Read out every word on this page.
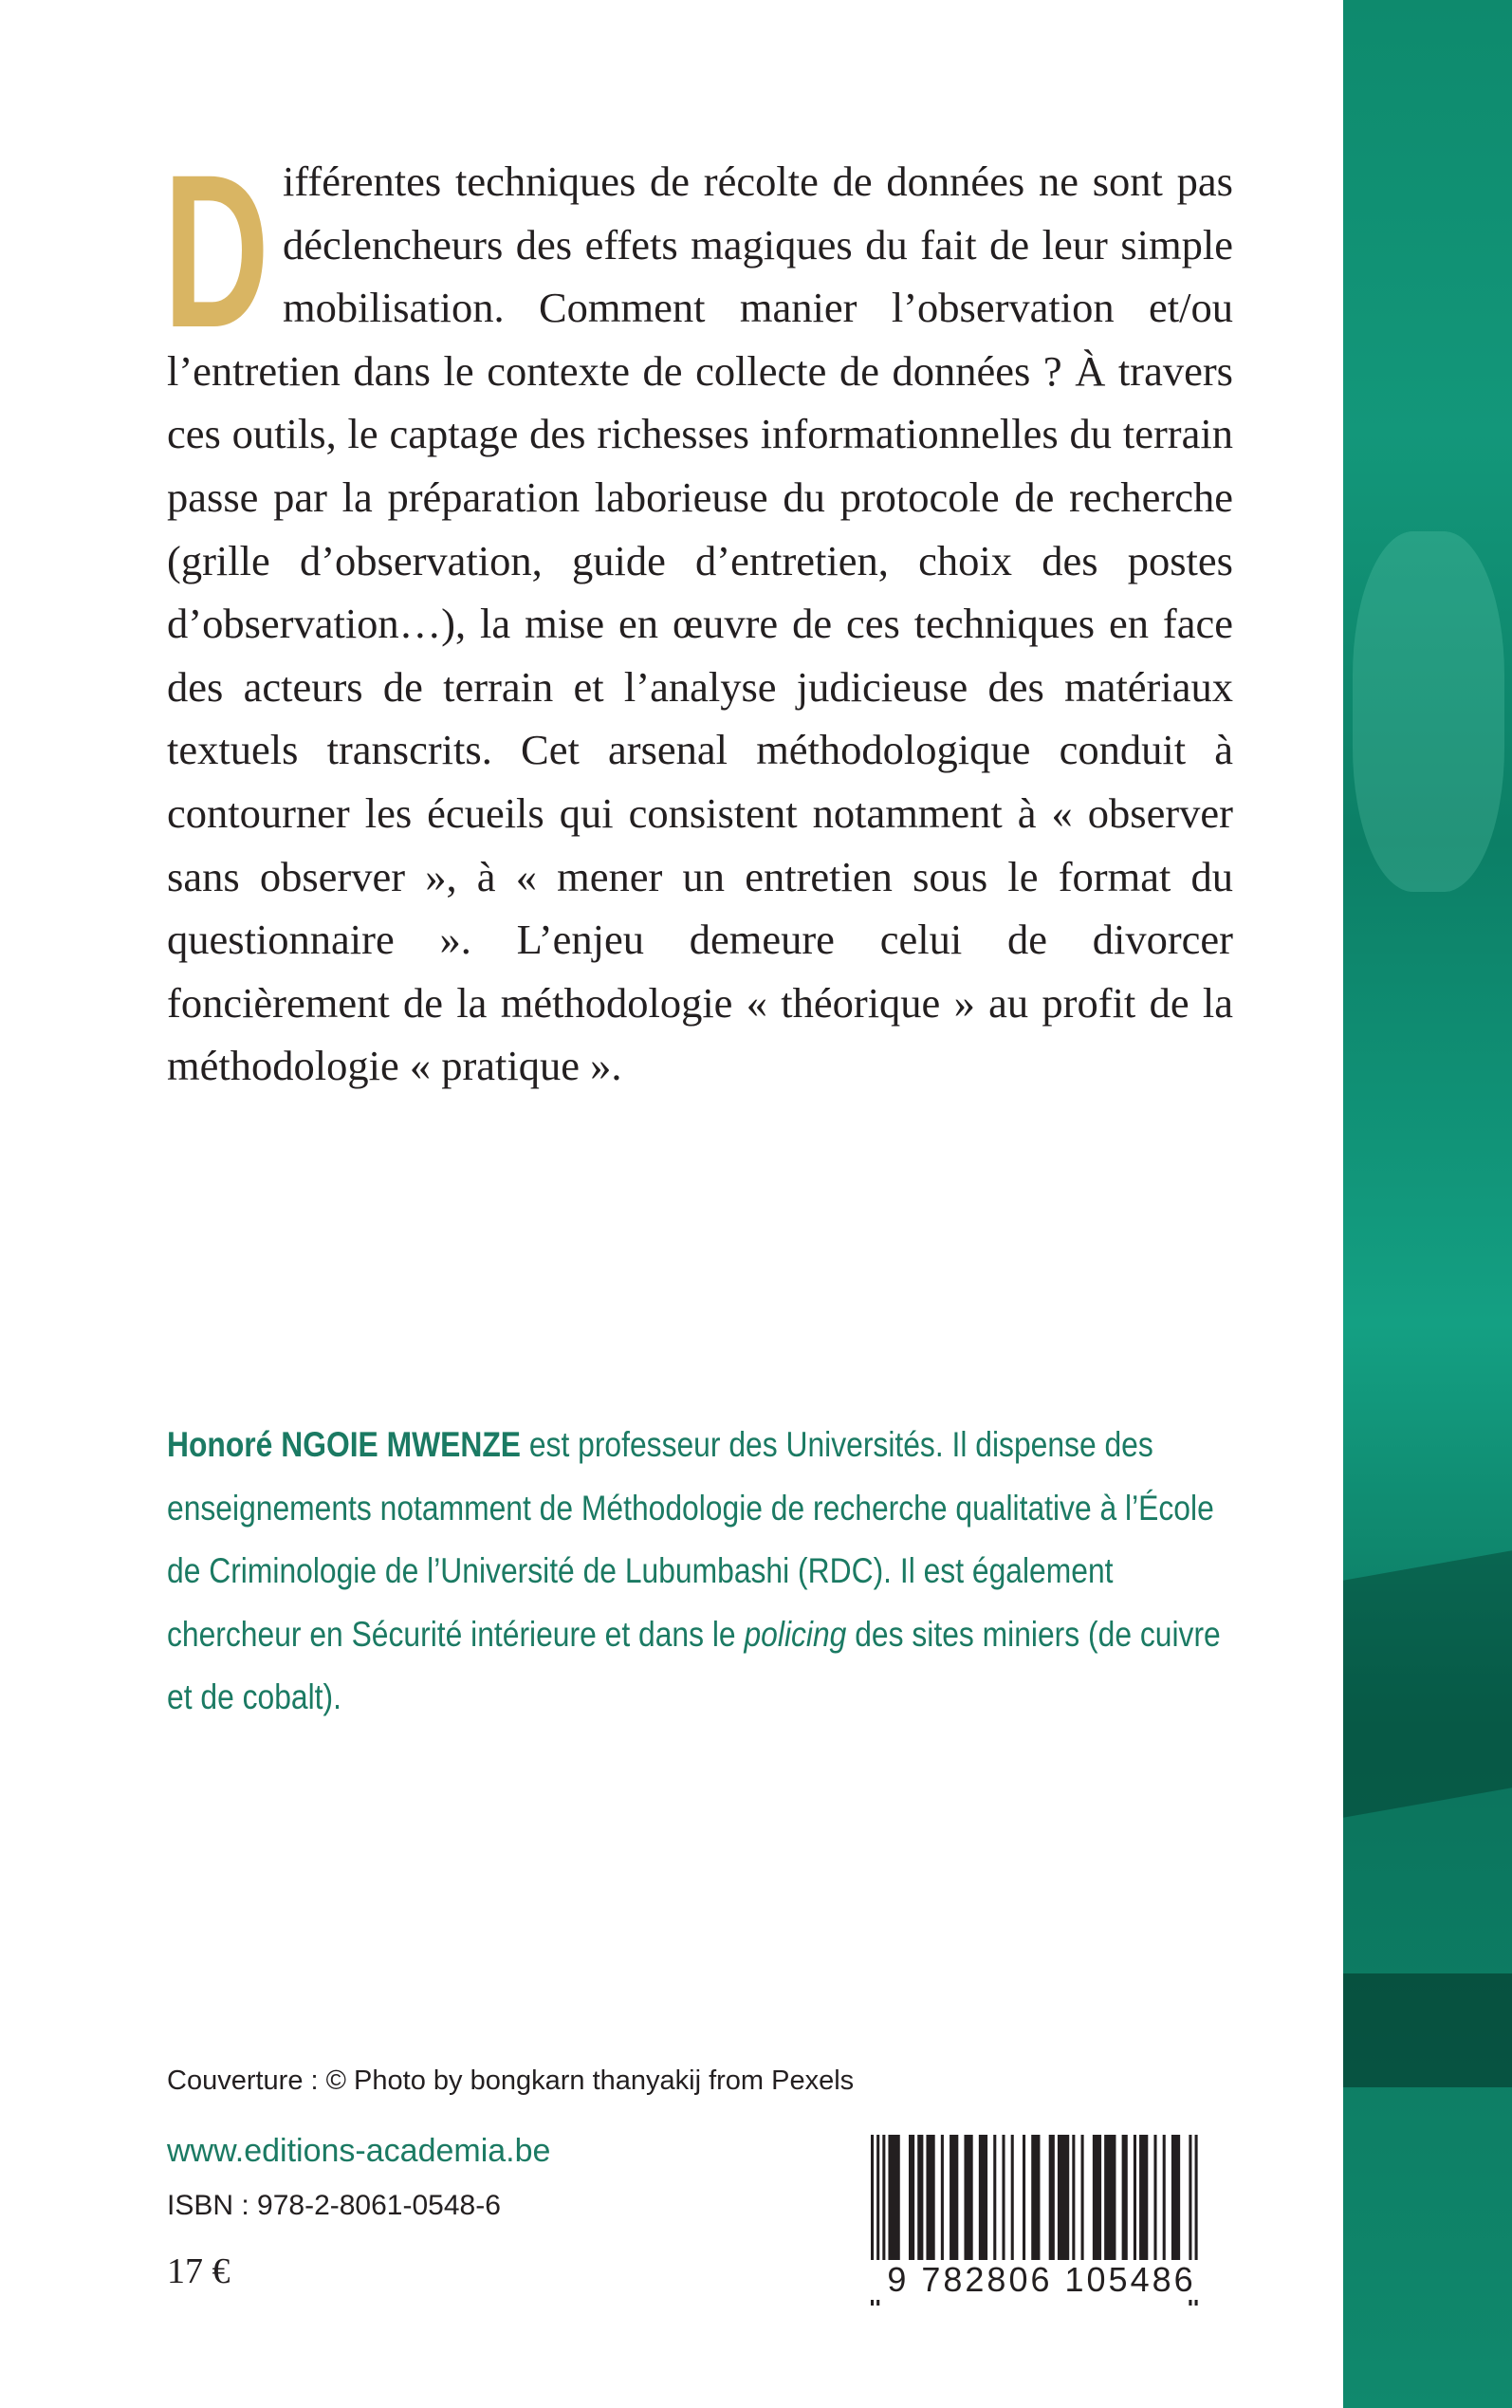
D ifférentes techniques de récolte de données ne sont pas déclencheurs des effets magiques du fait de leur simple mobilisation. Comment manier l’observation et/ou l’entretien dans le contexte de collecte de données ? À travers ces outils, le captage des richesses informationnelles du terrain passe par la préparation laborieuse du protocole de recherche (grille d’observation, guide d’entretien, choix des postes d’observation…), la mise en œuvre de ces techniques en face des acteurs de terrain et l’analyse judicieuse des matériaux textuels transcrits. Cet arsenal méthodologique conduit à contourner les écueils qui consistent notamment à « observer sans observer », à « mener un entretien sous le format du questionnaire ». L’enjeu demeure celui de divorcer foncièrement de la méthodologie « théorique » au profit de la méthodologie « pratique ».

Honoré NGOIE MWENZE est professeur des Universités. Il dispense des enseignements notamment de Méthodologie de recherche qualitative à l’École de Criminologie de l’Université de Lubumbashi (RDC). Il est également chercheur en Sécurité intérieure et dans le policing des sites miniers (de cuivre et de cobalt).

Couverture : © Photo by bongkarn thanyakij from Pexels
www.editions-academia.be
ISBN : 978-2-8061-0548-6
17 €	9 782806 105486
